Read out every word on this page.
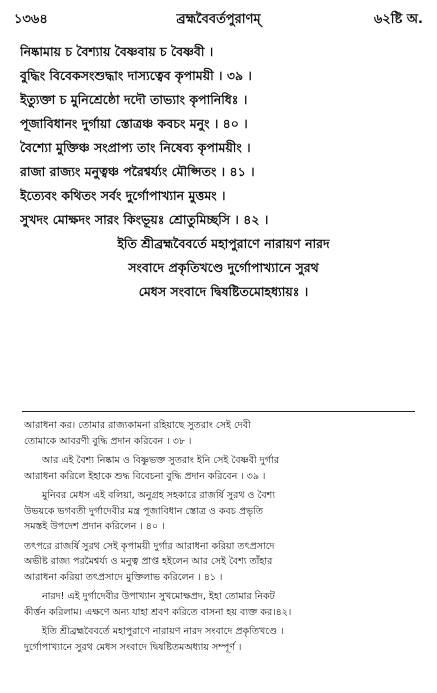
১৩৬৪	ব্রহ্মবৈবর্তপুরাণম্	৬২ষ্টি অ.
নিষ্কামায় চ বৈশ্যায় বৈষ্ণবায় চ বৈষ্ণবী ।
বুদ্ধিং বিবেকসংশুদ্ধাং দাস্যত্বেব কৃপাময়ী । ৩৯ ।
ইত্যুক্তা চ মুনিশ্রেষ্ঠো দদৌ তাভ্যাং কৃপানিধিঃ ।
পূজাবিধানং দুর্গায়া স্তোত্রঞ্চ কবচং মনুং । ৪০ ।
বৈশ্যো মুক্তিঞ্চ সংপ্রাপ্য তাং নিষেব্য কৃপাময়ীং ।
রাজা রাজ্যং মনুত্বঞ্চ পরৈশ্বর্য্যং মৌপ্সিতং । ৪১ ।
ইত্যেবং কথিতং সর্বং দুর্গোপাখ্যান মুত্তমং ।
সুখদং মোক্ষদং সারং কিংভূয়ঃ শ্রোতুমিচ্ছসি । ৪২ ।
ইতি শ্রীব্রহ্মবৈবর্তে মহাপুরাণে নারায়ণ নারদ
সংবাদে প্রকৃতিখণ্ডে দুর্গোপাখ্যানে সুরথ
মেধস সংবাদে দ্বিষষ্টিতমোহধ্যায়ঃ ।
আরাধনা কর। তোমার রাজ্যকামনা রহিয়াছে সুতরাং সেই দেবী
তোমাকে আবরণী বুদ্ধি প্রদান করিবেন । ৩৮ ।
আর এই বৈশ্য নিষ্কাম ও বিষ্ণুভক্ত সুতরাং ইনি সেই বৈষ্ণবী দুর্গার
আরাধনা করিলে ইহাকে শুদ্ধ বিবেচনা বুদ্ধি প্রদান করিবেন । ৩৯ ।
মুনিবর মেধস এই বলিয়া, অনুগ্রহ সহকারে রাজর্ষি সুরথ ও বৈশ্য
উভয়কে ভগবতী দুর্গাদেবীর মন্ত্র পূজাবিধান স্তোত্র ও কবচ প্রভৃতি
সমস্তই উপদেশ প্রদান করিলেন । ৪০ ।
তৎপরে রাজর্ষি সুরথ সেই কৃপাময়ী দুর্গার আরাধনা করিয়া তৎপ্রসাদে
অভীষ্ট রাজ্য পরমৈশ্বর্য্য ও মনুত্ব প্রাপ্ত হইলেন আর সেই বৈশ্য তাঁহার
আরাধনা করিয়া তৎপ্রসাদে মুক্তিলাভ করিলেন । ৪১ ।
নারদ! এই দুর্গাদেবীর উপাখ্যান সুখমোক্ষপ্রদ, ইহা তোমার নিকট
কীর্ত্তন করিলাম। এক্ষণে অন্য যাহা শ্রবণ করিতে বাসনা হয় ব্যক্ত কর।৪২।
ইতি শ্রীব্রহ্মবৈবর্তে মহাপুরাণে নারায়ণ নারদ সংবাদে প্রকৃতিখণ্ডে ।
দুর্গোপাখ্যানে সুরথ মেধস সংবাদে দ্বিষষ্টিতমঅধ্যায় সম্পূর্ণ ।
